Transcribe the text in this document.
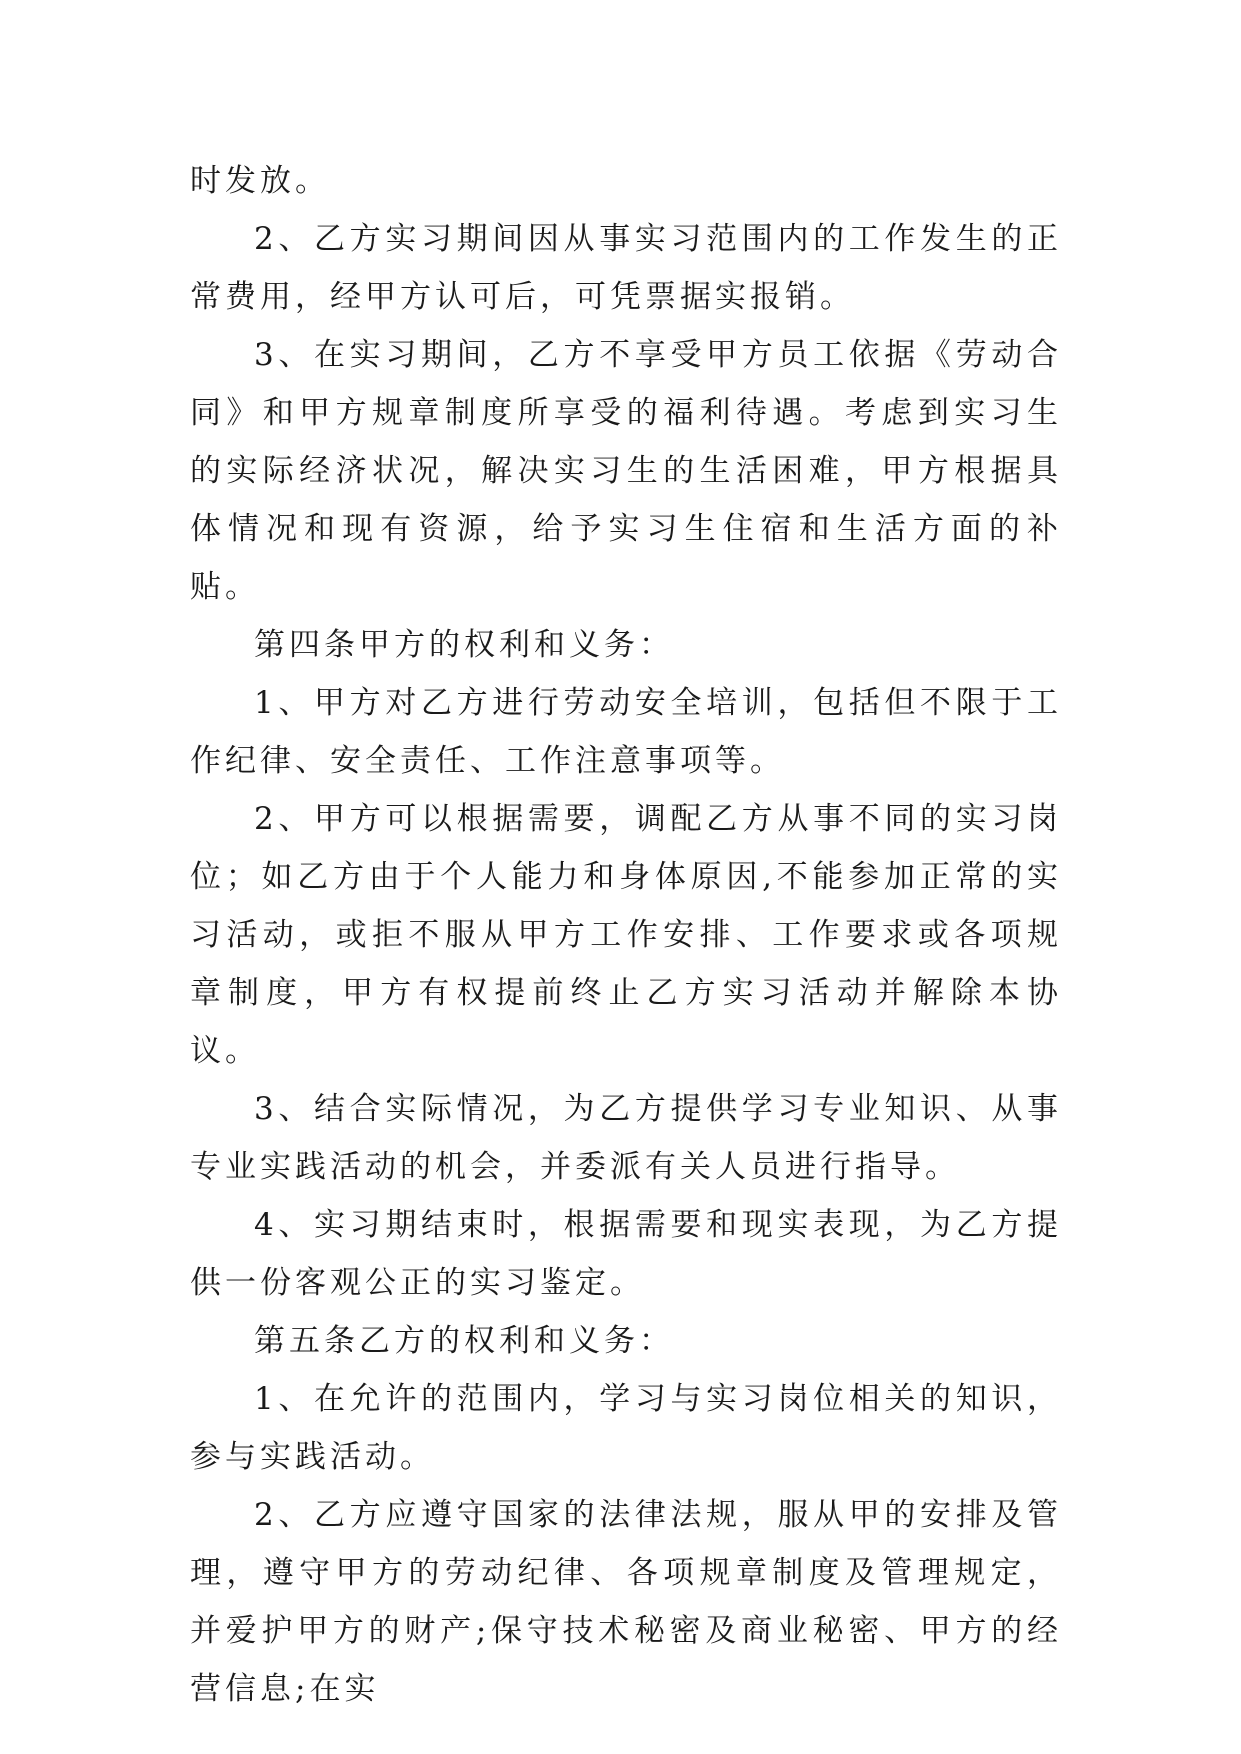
时发放。

2、乙方实习期间因从事实习范围内的工作发生的正常费用，经甲方认可后，可凭票据实报销。

3、在实习期间，乙方不享受甲方员工依据《劳动合同》和甲方规章制度所享受的福利待遇。考虑到实习生的实际经济状况，解决实习生的生活困难，甲方根据具体情况和现有资源，给予实习生住宿和生活方面的补贴。

第四条甲方的权利和义务：

1、甲方对乙方进行劳动安全培训，包括但不限于工作纪律、安全责任、工作注意事项等。

2、甲方可以根据需要，调配乙方从事不同的实习岗位；如乙方由于个人能力和身体原因,不能参加正常的实习活动，或拒不服从甲方工作安排、工作要求或各项规章制度，甲方有权提前终止乙方实习活动并解除本协议。

3、结合实际情况，为乙方提供学习专业知识、从事专业实践活动的机会，并委派有关人员进行指导。

4、实习期结束时，根据需要和现实表现，为乙方提供一份客观公正的实习鉴定。

第五条乙方的权利和义务：

1、在允许的范围内，学习与实习岗位相关的知识，参与实践活动。

2、乙方应遵守国家的法律法规，服从甲的安排及管理，遵守甲方的劳动纪律、各项规章制度及管理规定，并爱护甲方的财产;保守技术秘密及商业秘密、甲方的经营信息;在实
